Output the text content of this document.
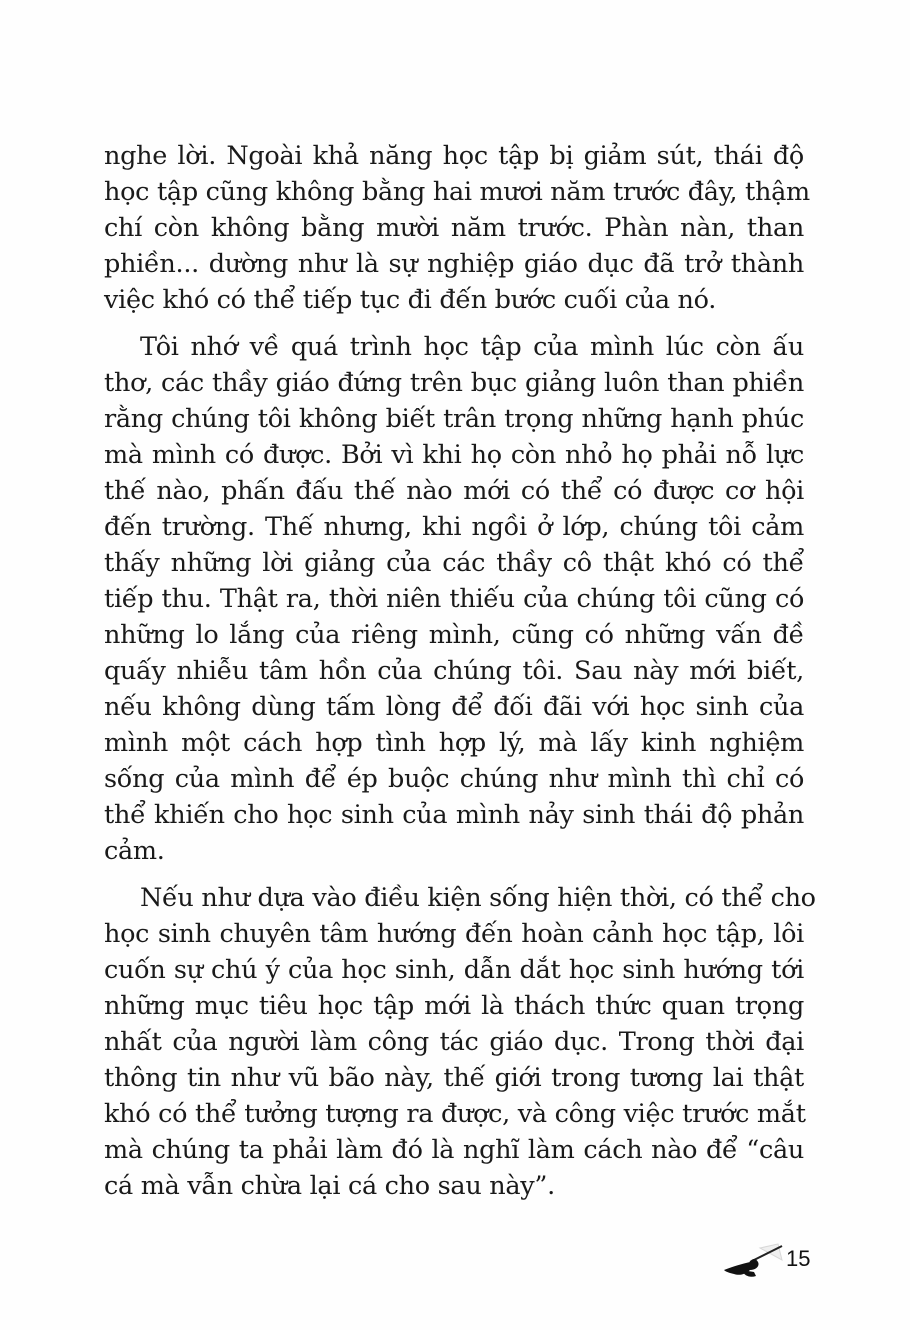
nghe lời. Ngoài khả năng học tập bị giảm sút, thái độ
học tập cũng không bằng hai mươi năm trước đây, thậm
chí còn không bằng mười năm trước. Phàn nàn, than
phiền... dường như là sự nghiệp giáo dục đã trở thành
việc khó có thể tiếp tục đi đến bước cuối của nó.
Tôi nhớ về quá trình học tập của mình lúc còn ấu
thơ, các thầy giáo đứng trên bục giảng luôn than phiền
rằng chúng tôi không biết trân trọng những hạnh phúc
mà mình có được. Bởi vì khi họ còn nhỏ họ phải nỗ lực
thế nào, phấn đấu thế nào mới có thể có được cơ hội
đến trường. Thế nhưng, khi ngồi ở lớp, chúng tôi cảm
thấy những lời giảng của các thầy cô thật khó có thể
tiếp thu. Thật ra, thời niên thiếu của chúng tôi cũng có
những lo lắng của riêng mình, cũng có những vấn đề
quấy nhiễu tâm hồn của chúng tôi. Sau này mới biết,
nếu không dùng tấm lòng để đối đãi với học sinh của
mình một cách hợp tình hợp lý, mà lấy kinh nghiệm
sống của mình để ép buộc chúng như mình thì chỉ có
thể khiến cho học sinh của mình nảy sinh thái độ phản
cảm.
Nếu như dựa vào điều kiện sống hiện thời, có thể cho
học sinh chuyên tâm hướng đến hoàn cảnh học tập, lôi
cuốn sự chú ý của học sinh, dẫn dắt học sinh hướng tới
những mục tiêu học tập mới là thách thức quan trọng
nhất của người làm công tác giáo dục. Trong thời đại
thông tin như vũ bão này, thế giới trong tương lai thật
khó có thể tưởng tượng ra được, và công việc trước mắt
mà chúng ta phải làm đó là nghĩ làm cách nào để “câu
cá mà vẫn chừa lại cá cho sau này”.
15
